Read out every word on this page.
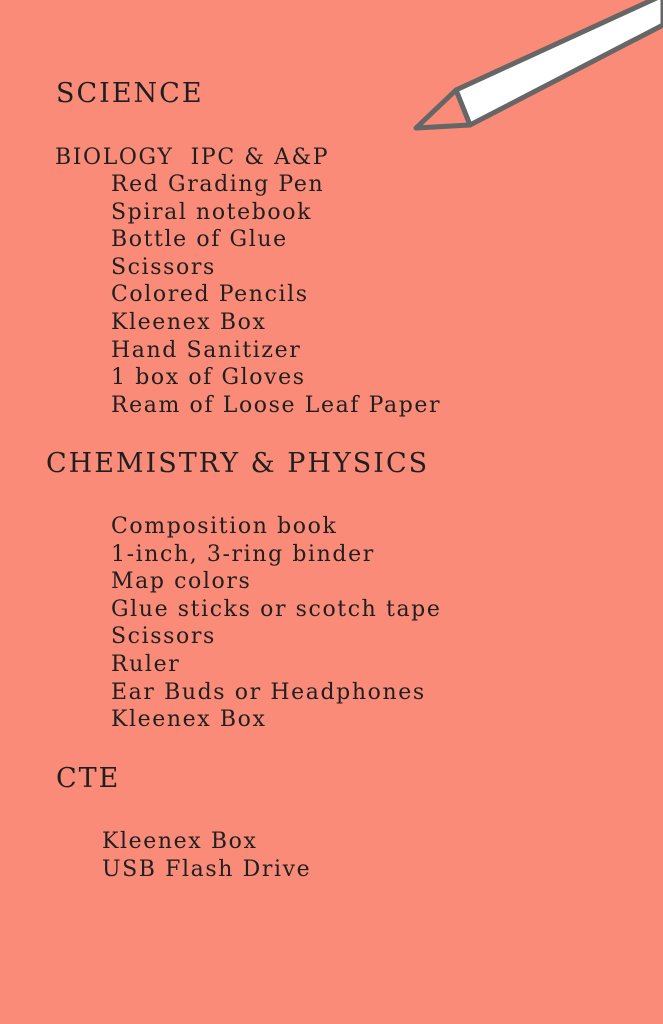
SCIENCE
BIOLOGY  IPC & A&P
Red Grading Pen
Spiral notebook
Bottle of Glue
Scissors
Colored Pencils
Kleenex Box
Hand Sanitizer
1 box of Gloves
Ream of Loose Leaf Paper
CHEMISTRY & PHYSICS
Composition book
1-inch, 3-ring binder
Map colors
Glue sticks or scotch tape
Scissors
Ruler
Ear Buds or Headphones
Kleenex Box
CTE
Kleenex Box
USB Flash Drive
